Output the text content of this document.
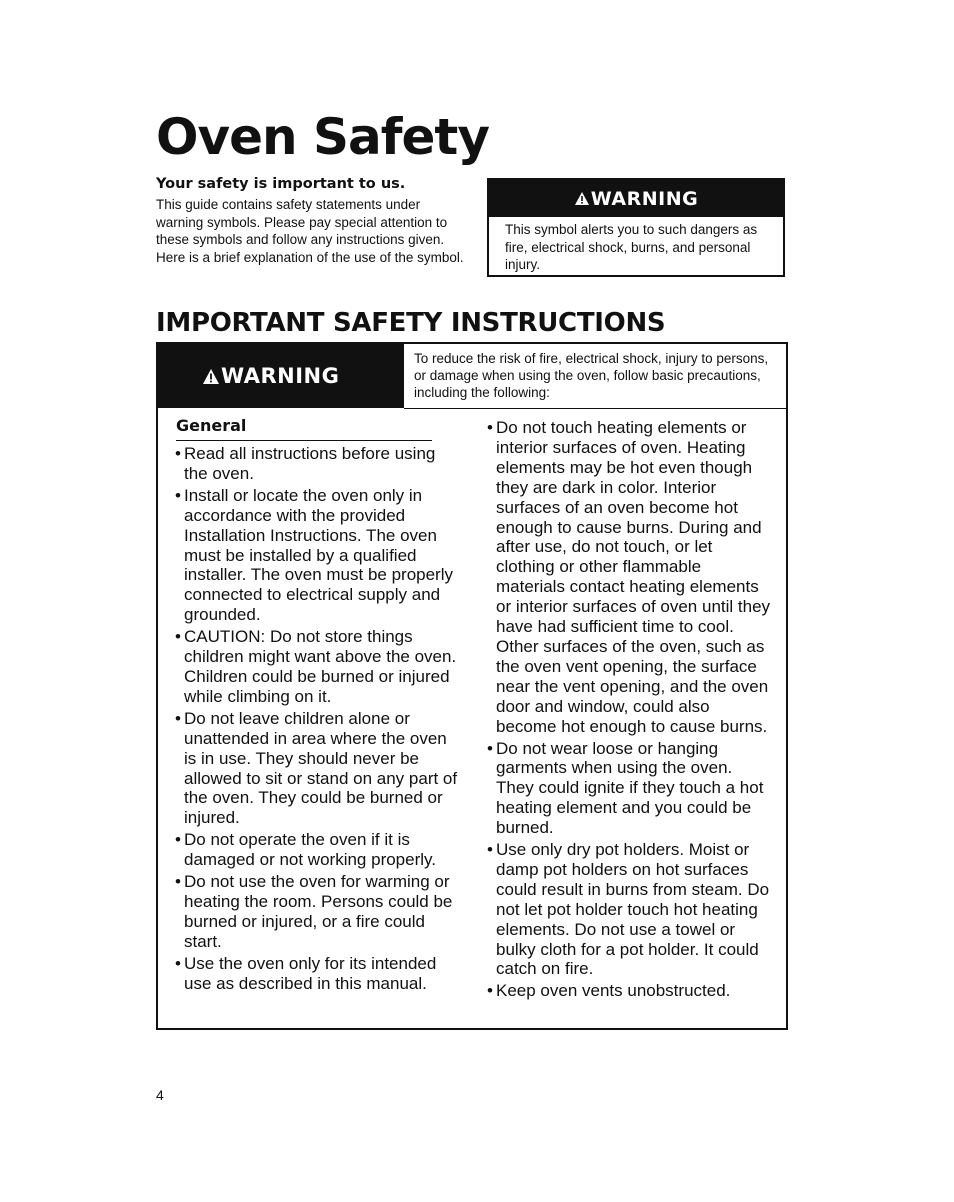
Oven Safety

Your safety is important to us.

This guide contains safety statements under warning symbols. Please pay special attention to these symbols and follow any instructions given. Here is a brief explanation of the use of the symbol.

WARNING

This symbol alerts you to such dangers as fire, electrical shock, burns, and personal injury.

IMPORTANT SAFETY INSTRUCTIONS
WARNING

To reduce the risk of fire, electrical shock, injury to persons, or damage when using the oven, follow basic precautions, including the following:

General

• Read all instructions before using the oven.
• Install or locate the oven only in accordance with the provided Installation Instructions. The oven must be installed by a qualified installer. The oven must be properly connected to electrical supply and grounded.
• CAUTION: Do not store things children might want above the oven. Children could be burned or injured while climbing on it.
• Do not leave children alone or unattended in area where the oven is in use. They should never be allowed to sit or stand on any part of the oven. They could be burned or injured.
• Do not operate the oven if it is damaged or not working properly.
• Do not use the oven for warming or heating the room. Persons could be burned or injured, or a fire could start.
• Use the oven only for its intended use as described in this manual.
• Do not touch heating elements or interior surfaces of oven. Heating elements may be hot even though they are dark in color. Interior surfaces of an oven become hot enough to cause burns. During and after use, do not touch, or let clothing or other flammable materials contact heating elements or interior surfaces of oven until they have had sufficient time to cool. Other surfaces of the oven, such as the oven vent opening, the surface near the vent opening, and the oven door and window, could also become hot enough to cause burns.
• Do not wear loose or hanging garments when using the oven. They could ignite if they touch a hot heating element and you could be burned.
• Use only dry pot holders. Moist or damp pot holders on hot surfaces could result in burns from steam. Do not let pot holder touch hot heating elements. Do not use a towel or bulky cloth for a pot holder. It could catch on fire.
• Keep oven vents unobstructed.

4
